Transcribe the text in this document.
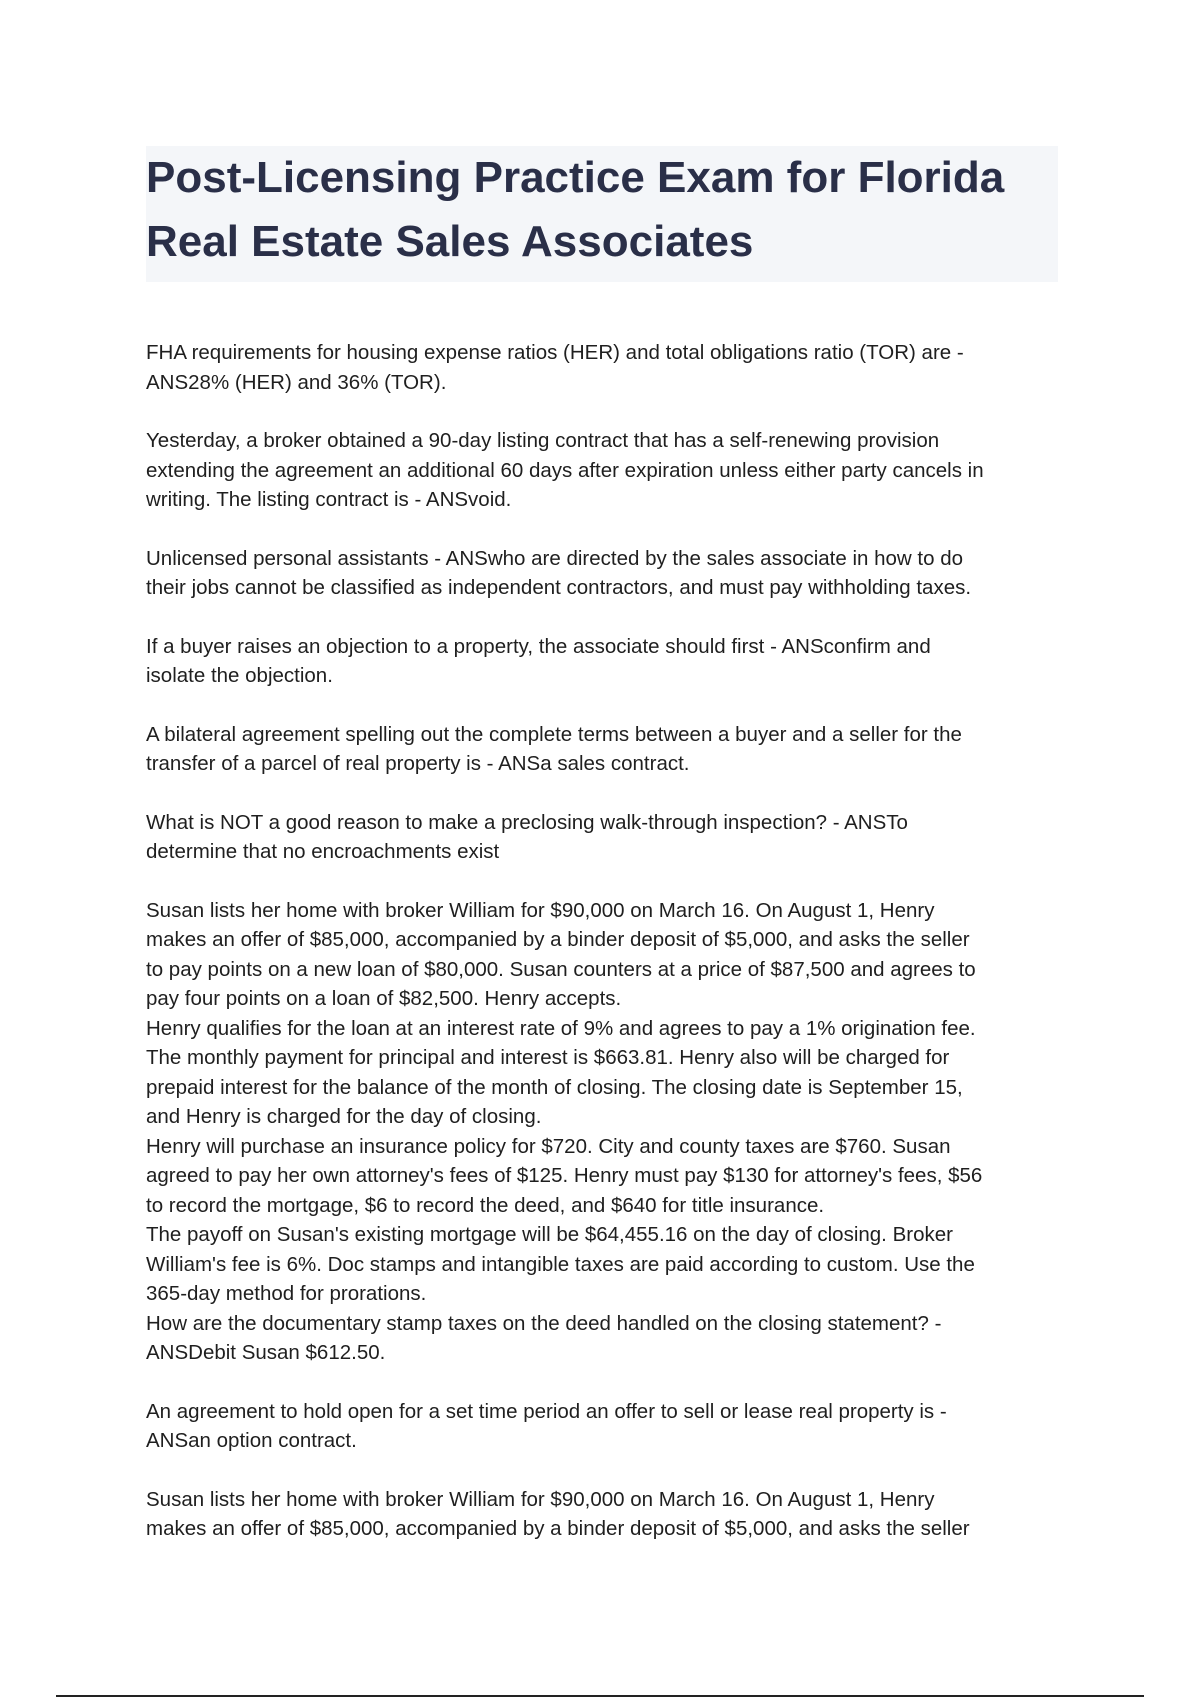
Post-Licensing Practice Exam for Florida
Real Estate Sales Associates

FHA requirements for housing expense ratios (HER) and total obligations ratio (TOR) are -
ANS28% (HER) and 36% (TOR).

Yesterday, a broker obtained a 90-day listing contract that has a self-renewing provision
extending the agreement an additional 60 days after expiration unless either party cancels in
writing. The listing contract is - ANSvoid.

Unlicensed personal assistants - ANSwho are directed by the sales associate in how to do
their jobs cannot be classified as independent contractors, and must pay withholding taxes.

If a buyer raises an objection to a property, the associate should first - ANSconfirm and
isolate the objection.

A bilateral agreement spelling out the complete terms between a buyer and a seller for the
transfer of a parcel of real property is - ANSa sales contract.

What is NOT a good reason to make a preclosing walk-through inspection? - ANSTo
determine that no encroachments exist

Susan lists her home with broker William for $90,000 on March 16. On August 1, Henry
makes an offer of $85,000, accompanied by a binder deposit of $5,000, and asks the seller
to pay points on a new loan of $80,000. Susan counters at a price of $87,500 and agrees to
pay four points on a loan of $82,500. Henry accepts.
Henry qualifies for the loan at an interest rate of 9% and agrees to pay a 1% origination fee.
The monthly payment for principal and interest is $663.81. Henry also will be charged for
prepaid interest for the balance of the month of closing. The closing date is September 15,
and Henry is charged for the day of closing.
Henry will purchase an insurance policy for $720. City and county taxes are $760. Susan
agreed to pay her own attorney's fees of $125. Henry must pay $130 for attorney's fees, $56
to record the mortgage, $6 to record the deed, and $640 for title insurance.
The payoff on Susan's existing mortgage will be $64,455.16 on the day of closing. Broker
William's fee is 6%. Doc stamps and intangible taxes are paid according to custom. Use the
365-day method for prorations.
How are the documentary stamp taxes on the deed handled on the closing statement? -
ANSDebit Susan $612.50.

An agreement to hold open for a set time period an offer to sell or lease real property is -
ANSan option contract.

Susan lists her home with broker William for $90,000 on March 16. On August 1, Henry
makes an offer of $85,000, accompanied by a binder deposit of $5,000, and asks the seller
